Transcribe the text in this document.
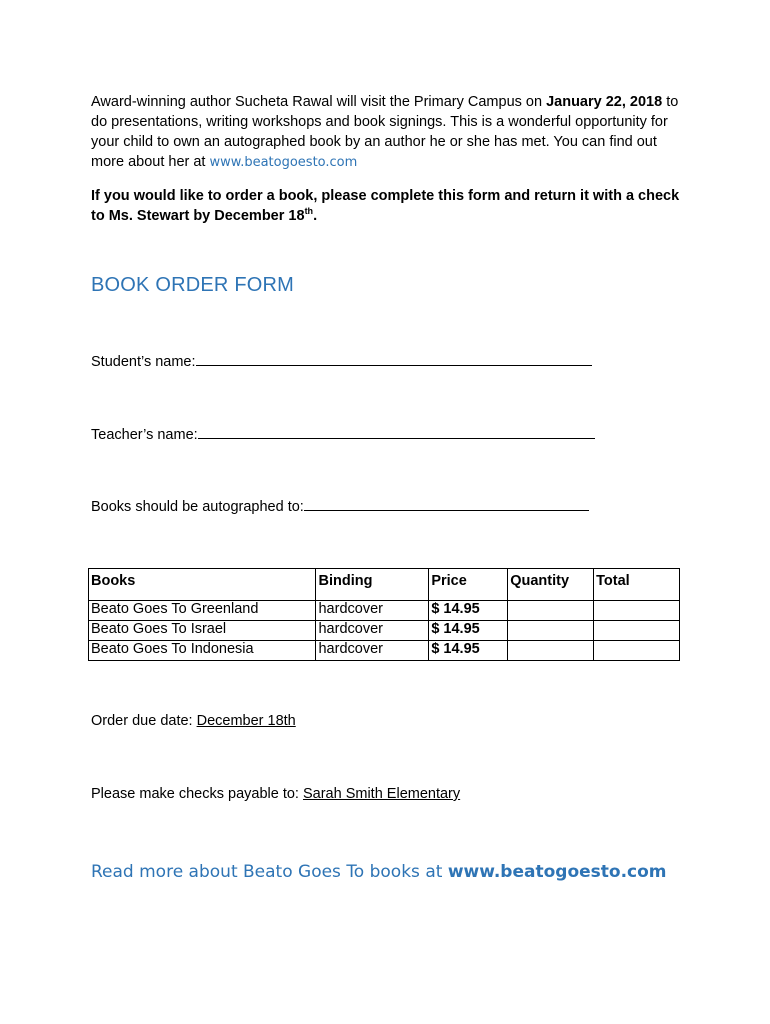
Award-winning author Sucheta Rawal will visit the Primary Campus on January 22, 2018 to do presentations, writing workshops and book signings. This is a wonderful opportunity for your child to own an autographed book by an author he or she has met. You can find out more about her at www.beatogoesto.com
If you would like to order a book, please complete this form and return it with a check to Ms. Stewart by December 18th.
BOOK ORDER FORM
Student’s name:
Teacher’s name:
Books should be autographed to:
Books	Binding	Price	Quantity	Total
Beato Goes To Greenland	hardcover	$ 14.95		
Beato Goes To Israel	hardcover	$ 14.95		
Beato Goes To Indonesia	hardcover	$ 14.95		
Order due date: December 18th
Please make checks payable to: Sarah Smith Elementary
Read more about Beato Goes To books at www.beatogoesto.com
